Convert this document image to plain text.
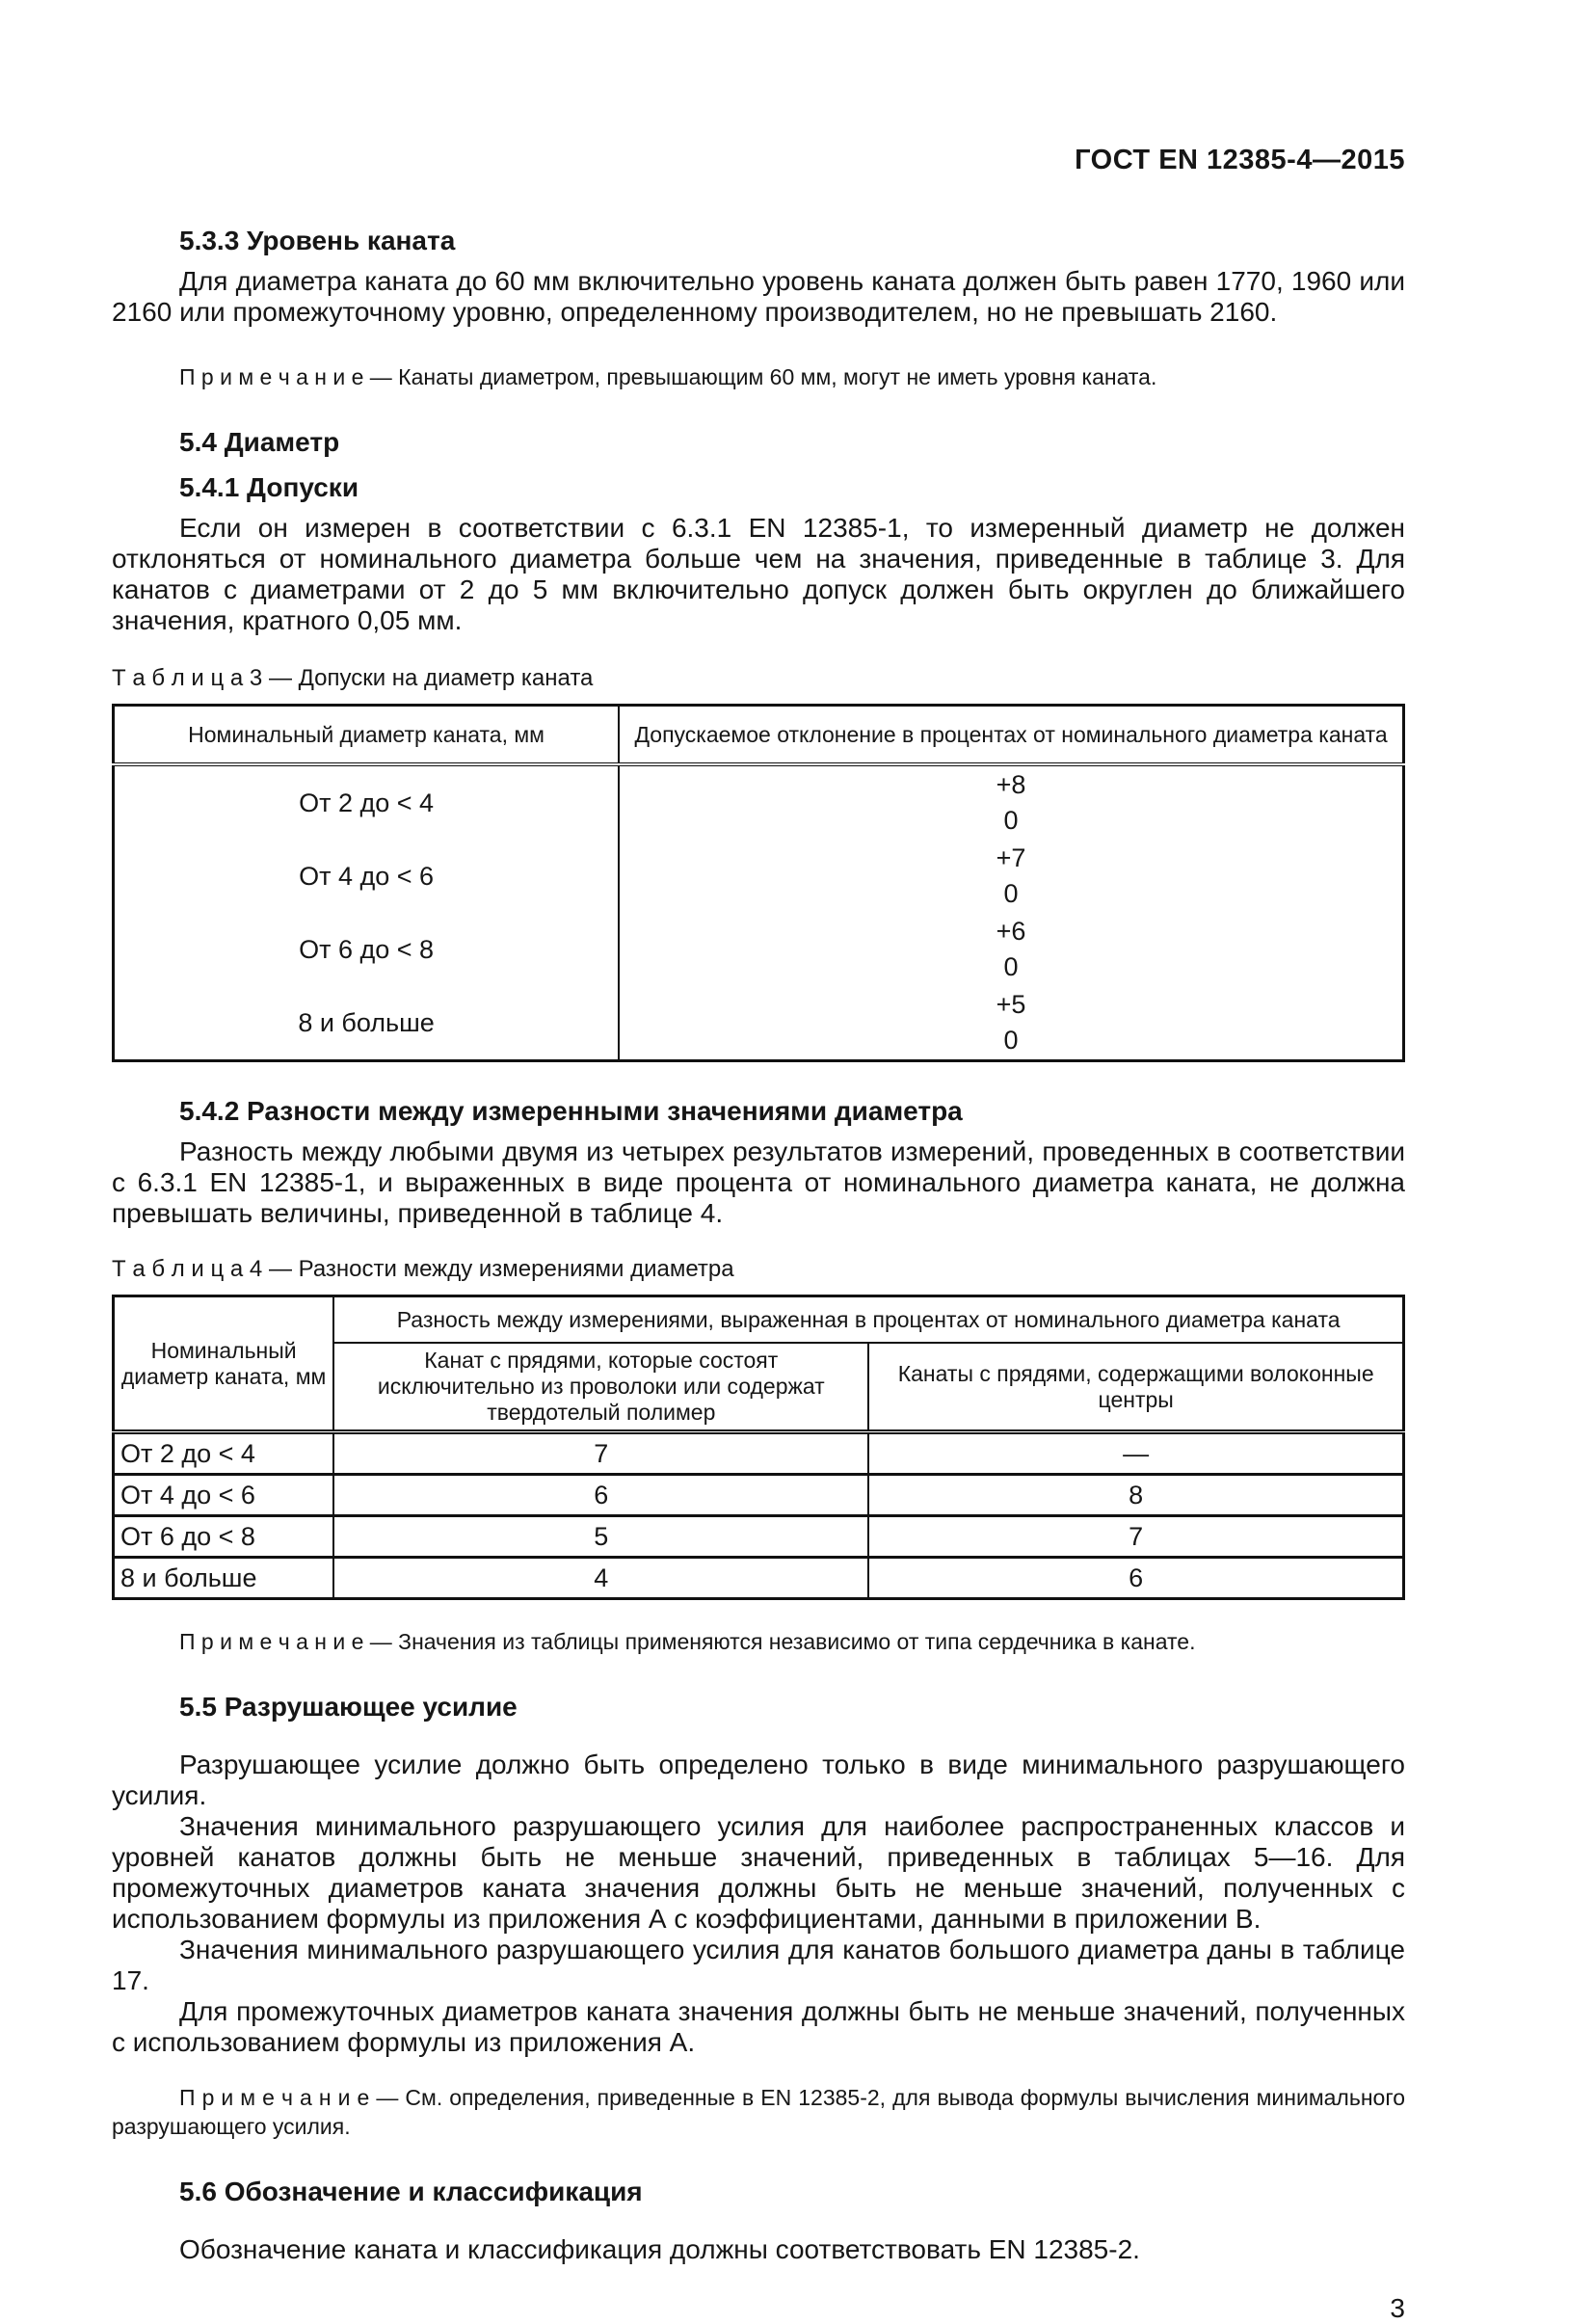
ГОСТ EN 12385-4—2015
5.3.3 Уровень каната

Для диаметра каната до 60 мм включительно уровень каната должен быть равен 1770, 1960 или 2160 или промежуточному уровню, определенному производителем, но не превышать 2160.

П р и м е ч а н и е — Канаты диаметром, превышающим 60 мм, могут не иметь уровня каната.

5.4 Диаметр
5.4.1 Допуски

Если он измерен в соответствии с 6.3.1 EN 12385-1, то измеренный диаметр не должен отклоняться от номинального диаметра больше чем на значения, приведенные в таблице 3. Для канатов с диаметрами от 2 до 5 мм включительно допуск должен быть округлен до ближайшего значения, кратного 0,05 мм.

Т а б л и ц а 3 — Допуски на диаметр каната

Номинальный диаметр каната, мм	Допускаемое отклонение в процентах от номинального диаметра каната
От 2 до < 4	+8
0

От 4 до < 6	+7
0

От 6 до < 8	+6
0

8 и больше	+5
0
5.4.2 Разности между измеренными значениями диаметра

Разность между любыми двумя из четырех результатов измерений, проведенных в соответствии с 6.3.1 EN 12385-1, и выраженных в виде процента от номинального диаметра каната, не должна превышать величины, приведенной в таблице 4.

Т а б л и ц а 4 — Разности между измерениями диаметра

Номинальный диаметр каната, мм	Разность между измерениями, выраженная в процентах от номинального диаметра каната	
	Канат с прядями, которые состоят исключительно из проволоки или содержат твердотелый полимер	Канаты с прядями, содержащими волоконные центры
От 2 до < 4	7	—
От 4 до < 6	6	8
От 6 до < 8	5	7
8 и больше	4	6

П р и м е ч а н и е — Значения из таблицы применяются независимо от типа сердечника в канате.

5.5 Разрушающее усилие

Разрушающее усилие должно быть определено только в виде минимального разрушающего усилия.

Значения минимального разрушающего усилия для наиболее распространенных классов и уровней канатов должны быть не меньше значений, приведенных в таблицах 5—16. Для промежуточных диаметров каната значения должны быть не меньше значений, полученных с использованием формулы из приложения А с коэффициентами, данными в приложении В.

Значения минимального разрушающего усилия для канатов большого диаметра даны в таблице 17.

Для промежуточных диаметров каната значения должны быть не меньше значений, полученных с использованием формулы из приложения А.

П р и м е ч а н и е — См. определения, приведенные в EN 12385-2, для вывода формулы вычисления минимального разрушающего усилия.

5.6 Обозначение и классификация

Обозначение каната и классификация должны соответствовать EN 12385-2.

3
